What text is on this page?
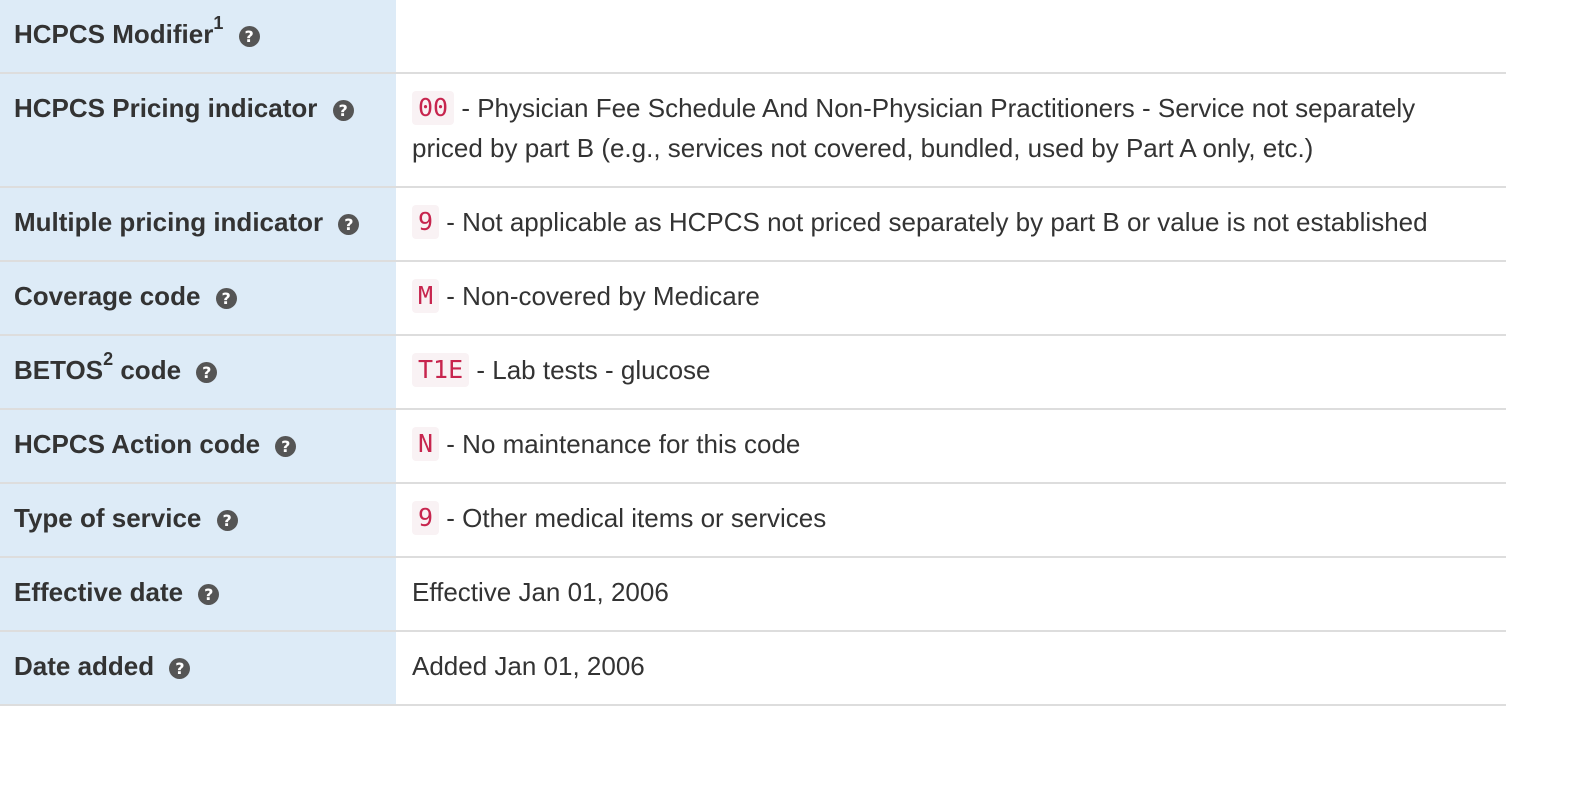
HCPCS Modifier$^1$ ?	

HCPCS Pricing indicator ?	00 - Physician Fee Schedule And Non-Physician Practitioners - Service not separately priced by part B (e.g., services not covered, bundled, used by Part A only, etc.)

Multiple pricing indicator ?	9 - Not applicable as HCPCS not priced separately by part B or value is not established

Coverage code ?	M - Non-covered by Medicare

BETOS$^2$ code ?	T1E - Lab tests - glucose

HCPCS Action code ?	N - No maintenance for this code

Type of service ?	9 - Other medical items or services

Effective date ?	Effective Jan 01, 2006

Date added ?	Added Jan 01, 2006
